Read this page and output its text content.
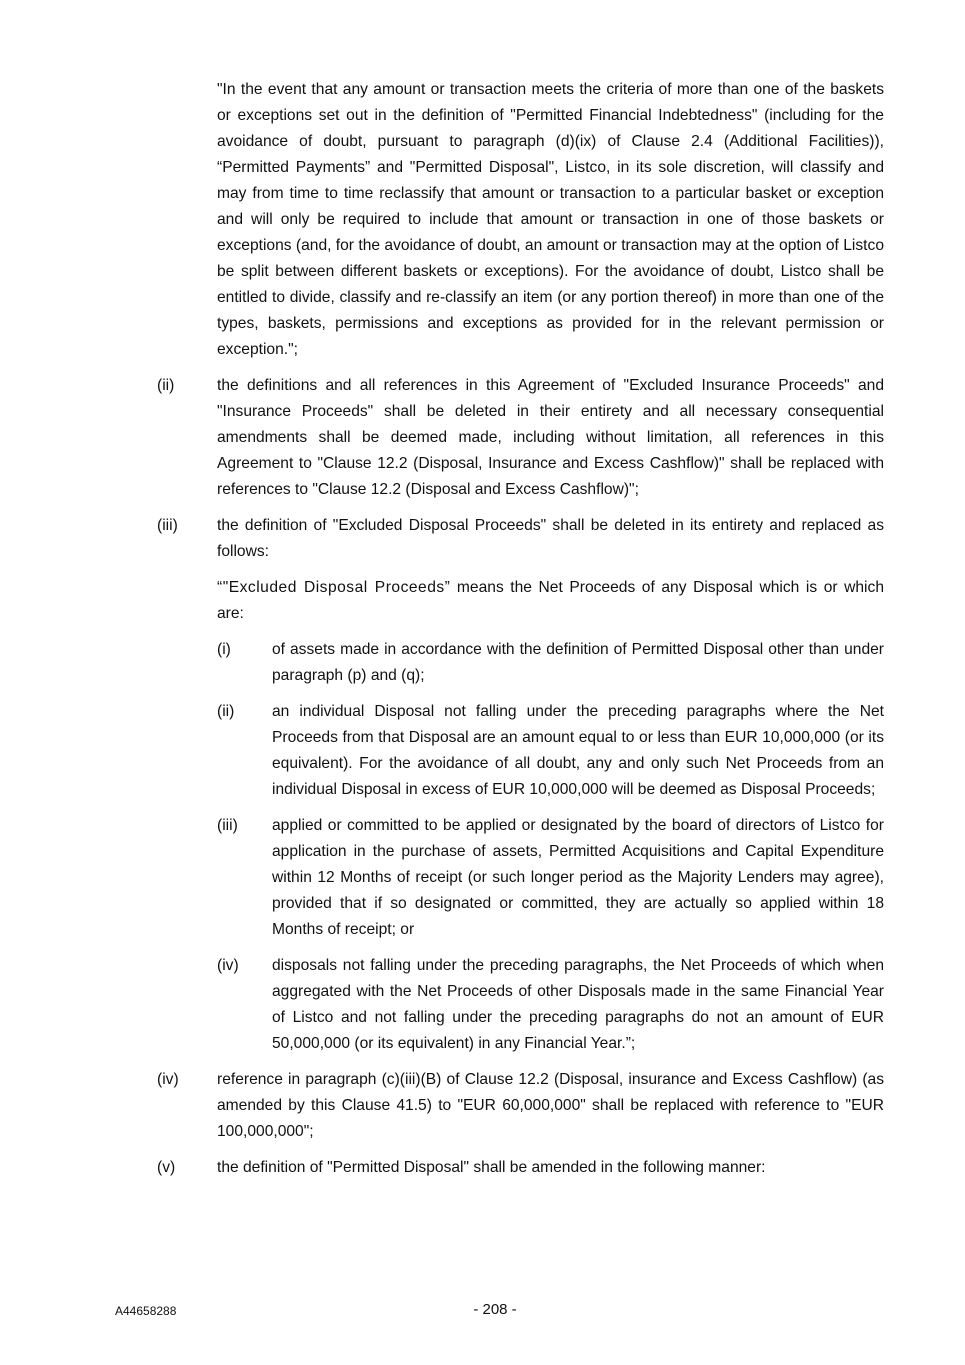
"In the event that any amount or transaction meets the criteria of more than one of the baskets or exceptions set out in the definition of "Permitted Financial Indebtedness" (including for the avoidance of doubt, pursuant to paragraph (d)(ix) of Clause 2.4 (Additional Facilities)), “Permitted Payments” and "Permitted Disposal", Listco, in its sole discretion, will classify and may from time to time reclassify that amount or transaction to a particular basket or exception and will only be required to include that amount or transaction in one of those baskets or exceptions (and, for the avoidance of doubt, an amount or transaction may at the option of Listco be split between different baskets or exceptions). For the avoidance of doubt, Listco shall be entitled to divide, classify and re-classify an item (or any portion thereof) in more than one of the types, baskets, permissions and exceptions as provided for in the relevant permission or exception.";

(ii)	the definitions and all references in this Agreement of "Excluded Insurance Proceeds" and "Insurance Proceeds" shall be deleted in their entirety and all necessary consequential amendments shall be deemed made, including without limitation, all references in this Agreement to "Clause 12.2 (Disposal, Insurance and Excess Cashflow)" shall be replaced with references to "Clause 12.2 (Disposal and Excess Cashflow)";
(iii)	the definition of "Excluded Disposal Proceeds" shall be deleted in its entirety and replaced as follows:

“"Excluded Disposal Proceeds” means the Net Proceeds of any Disposal which is or which are:

(i)	of assets made in accordance with the definition of Permitted Disposal other than under paragraph (p) and (q);
(ii)	an individual Disposal not falling under the preceding paragraphs where the Net Proceeds from that Disposal are an amount equal to or less than EUR 10,000,000 (or its equivalent). For the avoidance of all doubt, any and only such Net Proceeds from an individual Disposal in excess of EUR 10,000,000 will be deemed as Disposal Proceeds;
(iii)	applied or committed to be applied or designated by the board of directors of Listco for application in the purchase of assets, Permitted Acquisitions and Capital Expenditure within 12 Months of receipt (or such longer period as the Majority Lenders may agree), provided that if so designated or committed, they are actually so applied within 18 Months of receipt; or
(iv)	disposals not falling under the preceding paragraphs, the Net Proceeds of which when aggregated with the Net Proceeds of other Disposals made in the same Financial Year of Listco and not falling under the preceding paragraphs do not an amount of EUR 50,000,000 (or its equivalent) in any Financial Year.”;
(iv)	reference in paragraph (c)(iii)(B) of Clause 12.2 (Disposal, insurance and Excess Cashflow) (as amended by this Clause 41.5) to "EUR 60,000,000" shall be replaced with reference to "EUR 100,000,000";
(v)	the definition of "Permitted Disposal" shall be amended in the following manner:
A44658288	- 208 -
